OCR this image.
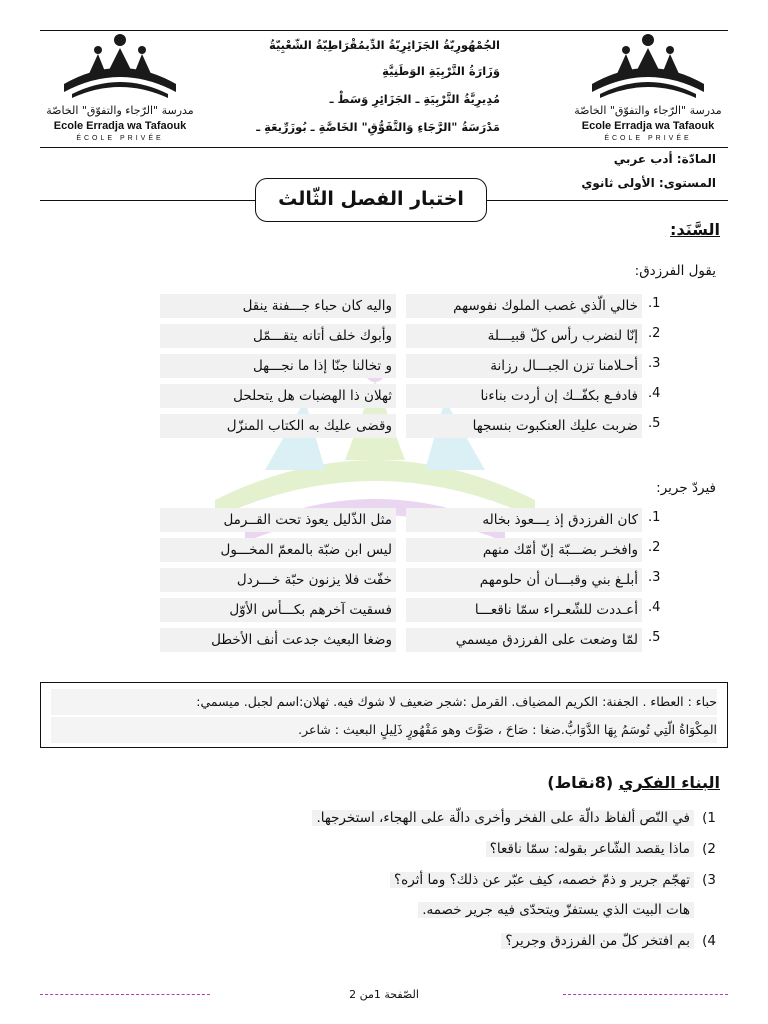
مدرسة "الرّجاء والتفوّق" الخاصّة
Ecole Erradja wa Tafaouk
ÉCOLE PRIVÉE
مدرسة "الرّجاء والتفوّق" الخاصّة
Ecole Erradja wa Tafaouk
ÉCOLE PRIVÉE
الجُمْهُورِيّةُ الجَزَائِرِيّةُ الدِّيمُقْرَاطِيّةُ الشّعْبِيّةُ
وَزَارَةُ التَّرْبِيَةِ الوَطَنِيَّةِ
مُدِيرِيَّةُ التَّرْبِيَةِ ـ الجَزَائِرِ وَسَطْ ـ
مَدْرَسَةُ "الرَّجَاءِ وَالتَّفَوُّقِ" الخَاصَّةِ ـ بُوزَرِّيعَةِ ـ
المادّة: أدب عربي
المستوى: الأولى ثانوي
اختبار الفصل الثّالث
السَّنَد:
يقول الفرزدق:
1.
خالي الّذي غصب الملوك نفوسهم
واليه كان حباء جـــفنة ينقل
2.
إنّا لنضرب رأس كلّ قبيـــلة
وأبوك خلف أتانه يتقـــمّل
3.
أحـلامنا تزن الجبـــال رزانة
و تخالنا جنّا إذا ما نجـــهل
4.
فادفـع بكفّــك إن أردت بناءنا
ثهلان ذا الهضبات هل يتحلحل
5.
ضربت عليك العنكبوت بنسجها
وقضى عليك به الكتاب المنزّل
فيردّ جرير:
1.
كان الفرزدق إذ يـــعوذ بخاله
مثل الذّليل يعوذ تحت القــرمل
2.
وافخـر بضـــبّة إنّ أمّك منهم
ليس ابن ضبّة بالمعمّ المخـــول
3.
أبلـغ بني وقبـــان أن حلومهم
خفّت فلا يزنون حبّة خـــردل
4.
أعـددت للشّعـراء سمّا ناقعـــا
فسقيت آخرهم بكـــأس الأوّل
5.
لمّا وضعت على الفرزدق ميسمي
وضغا البعيث جدعت أنف الأخطل
حباء : العطاء . الجفنة: الكريم المضياف. القرمل :شجر ضعيف لا شوك فيه. ثهلان:اسم لجبل. ميسمي:
المِكْوَاةُ الّتِي تُوسَمُ بِهَا الدَّوَابُّ.ضغا : صَاحَ ، صَوَّتَ وهو مَقْهُورٍ ذَلِيلٍ البعيث : شاعر.
البناء الفكري (8نقاط)
1)في النّص ألفاظ دالّة على الفخر وأخرى دالّة على الهجاء، استخرجها.
2)ماذا يقصد الشّاعر بقوله: سمّا ناقعا؟
3)تهجّم جرير و ذمّ خصمه، كيف عبّر عن ذلك؟ وما أثره؟
هات البيت الذي يستفزّ ويتحدّى فيه جرير خصمه.
4)بم افتخر كلّ من الفرزدق وجرير؟
الصّفحة 1من 2
